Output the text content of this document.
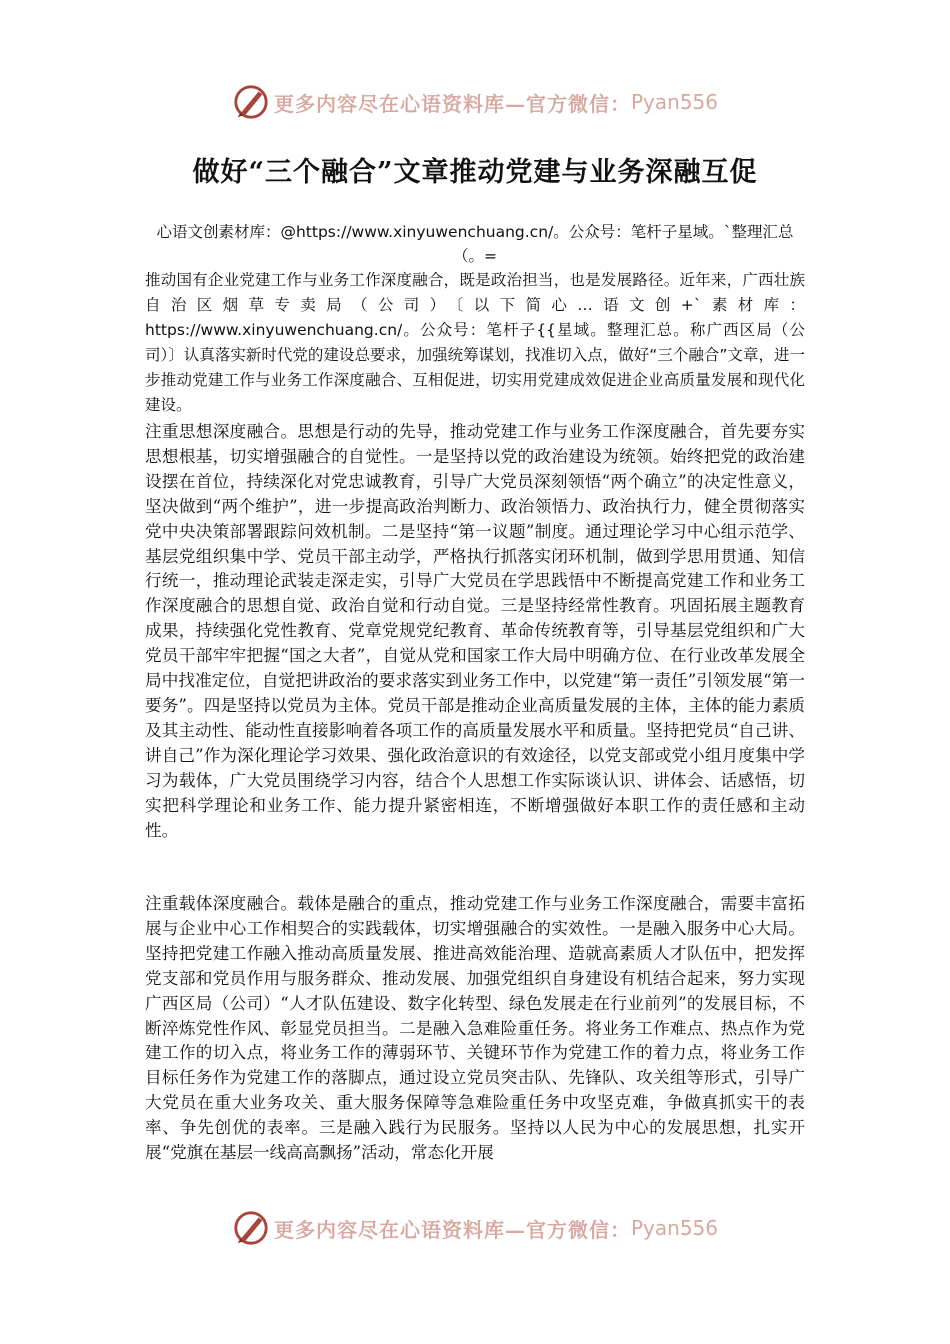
更多内容尽在心语资料库—官方微信： Pyan556
做好“三个融合”文章推动党建与业务深融互促
心语文创素材库：@https://www.xinyuwenchuang.cn/。公众号：笔杆子星域。`整理汇总（。=
推动国有企业党建工作与业务工作深度融合，既是政治担当，也是发展路径。近年来，广西壮族自治区烟草专卖局（公司）〔以下简心…语文创+`素材库：https://www.xinyuwenchuang.cn/。公众号：笔杆子{{星域。整理汇总。称广西区局（公司）〕认真落实新时代党的建设总要求，加强统筹谋划，找准切入点，做好“三个融合”文章，进一步推动党建工作与业务工作深度融合、互相促进，切实用党建成效促进企业高质量发展和现代化建设。
注重思想深度融合。思想是行动的先导，推动党建工作与业务工作深度融合，首先要夯实思想根基，切实增强融合的自觉性。一是坚持以党的政治建设为统领。始终把党的政治建设摆在首位，持续深化对党忠诚教育，引导广大党员深刻领悟“两个确立”的决定性意义，坚决做到“两个维护”，进一步提高政治判断力、政治领悟力、政治执行力，健全贯彻落实党中央决策部署跟踪问效机制。二是坚持“第一议题”制度。通过理论学习中心组示范学、基层党组织集中学、党员干部主动学，严格执行抓落实闭环机制，做到学思用贯通、知信行统一，推动理论武装走深走实，引导广大党员在学思践悟中不断提高党建工作和业务工作深度融合的思想自觉、政治自觉和行动自觉。三是坚持经常性教育。巩固拓展主题教育成果，持续强化党性教育、党章党规党纪教育、革命传统教育等，引导基层党组织和广大党员干部牢牢把握“国之大者”，自觉从党和国家工作大局中明确方位、在行业改革发展全局中找准定位，自觉把讲政治的要求落实到业务工作中，以党建“第一责任”引领发展“第一要务”。四是坚持以党员为主体。党员干部是推动企业高质量发展的主体，主体的能力素质及其主动性、能动性直接影响着各项工作的高质量发展水平和质量。坚持把党员“自己讲、讲自己”作为深化理论学习效果、强化政治意识的有效途径，以党支部或党小组月度集中学习为载体，广大党员围绕学习内容，结合个人思想工作实际谈认识、讲体会、话感悟，切实把科学理论和业务工作、能力提升紧密相连，不断增强做好本职工作的责任感和主动性。
注重载体深度融合。载体是融合的重点，推动党建工作与业务工作深度融合，需要丰富拓展与企业中心工作相契合的实践载体，切实增强融合的实效性。一是融入服务中心大局。坚持把党建工作融入推动高质量发展、推进高效能治理、造就高素质人才队伍中，把发挥党支部和党员作用与服务群众、推动发展、加强党组织自身建设有机结合起来，努力实现广西区局（公司）“人才队伍建设、数字化转型、绿色发展走在行业前列”的发展目标，不断淬炼党性作风、彰显党员担当。二是融入急难险重任务。将业务工作难点、热点作为党建工作的切入点，将业务工作的薄弱环节、关键环节作为党建工作的着力点，将业务工作目标任务作为党建工作的落脚点，通过设立党员突击队、先锋队、攻关组等形式，引导广大党员在重大业务攻关、重大服务保障等急难险重任务中攻坚克难，争做真抓实干的表率、争先创优的表率。三是融入践行为民服务。坚持以人民为中心的发展思想，扎实开展“党旗在基层一线高高飘扬”活动，常态化开展
更多内容尽在心语资料库—官方微信： Pyan556
